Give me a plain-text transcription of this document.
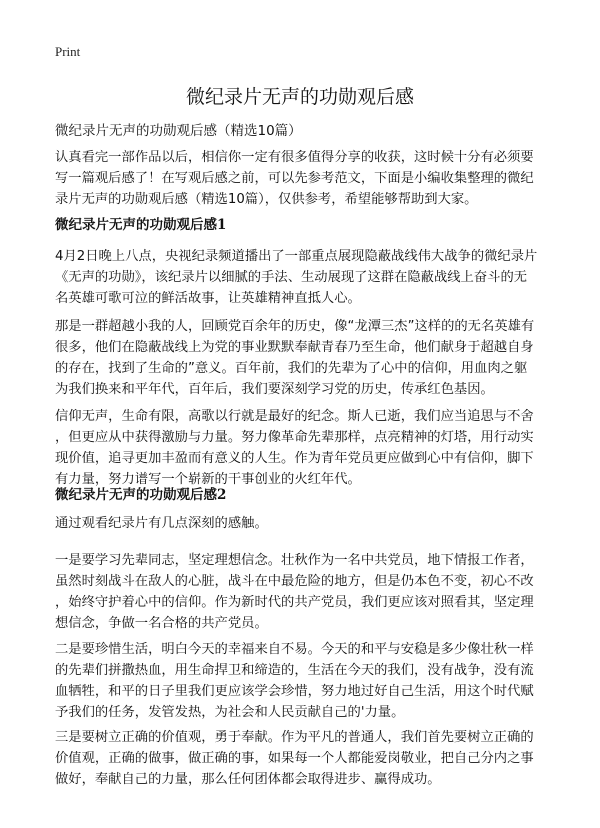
Print
微纪录片无声的功勋观后感
微纪录片无声的功勋观后感（精选10篇）
认真看完一部作品以后，相信你一定有很多值得分享的收获，这时候十分有必须要
写一篇观后感了！在写观后感之前，可以先参考范文，下面是小编收集整理的微纪
录片无声的功勋观后感（精选10篇），仅供参考，希望能够帮助到大家。
微纪录片无声的功勋观后感1
4月2日晚上八点，央视纪录频道播出了一部重点展现隐蔽战线伟大战争的微纪录片
《无声的功勋》，该纪录片以细腻的手法、生动展现了这群在隐蔽战线上奋斗的无
名英雄可歌可泣的鲜活故事，让英雄精神直抵人心。
那是一群超越小我的人，回顾党百余年的历史，像“龙潭三杰”这样的的无名英雄有
很多，他们在隐蔽战线上为党的事业默默奉献青春乃至生命，他们献身于超越自身
的存在，找到了生命的”意义。百年前，我们的先辈为了心中的信仰，用血肉之躯
为我们换来和平年代，百年后，我们要深刻学习党的历史，传承红色基因。
信仰无声，生命有限，高歌以行就是最好的纪念。斯人已逝，我们应当追思与不舍
，但更应从中获得激励与力量。努力像革命先辈那样，点亮精神的灯塔，用行动实
现价值，追寻更加丰盈而有意义的人生。作为青年党员更应做到心中有信仰，脚下
有力量，努力谱写一个崭新的干事创业的火红年代。
微纪录片无声的功勋观后感2
通过观看纪录片有几点深刻的感触。
一是要学习先辈同志，坚定理想信念。壮秋作为一名中共党员，地下情报工作者，
虽然时刻战斗在敌人的心脏，战斗在中最危险的地方，但是仍本色不变，初心不改
，始终守护着心中的信仰。作为新时代的共产党员，我们更应该对照看其，坚定理
想信念，争做一名合格的共产党员。
二是要珍惜生活，明白今天的幸福来自不易。今天的和平与安稳是多少像壮秋一样
的先辈们拼撒热血，用生命捍卫和缔造的，生活在今天的我们，没有战争，没有流
血牺牲，和平的日子里我们更应该学会珍惜，努力地过好自己生活，用这个时代赋
予我们的任务，发管发热，为社会和人民贡献自己的'力量。
三是要树立正确的价值观，勇于奉献。作为平凡的普通人，我们首先要树立正确的
价值观，正确的做事，做正确的事，如果每一个人都能爱岗敬业，把自己分内之事
做好，奉献自己的力量，那么任何团体都会取得进步、赢得成功。
